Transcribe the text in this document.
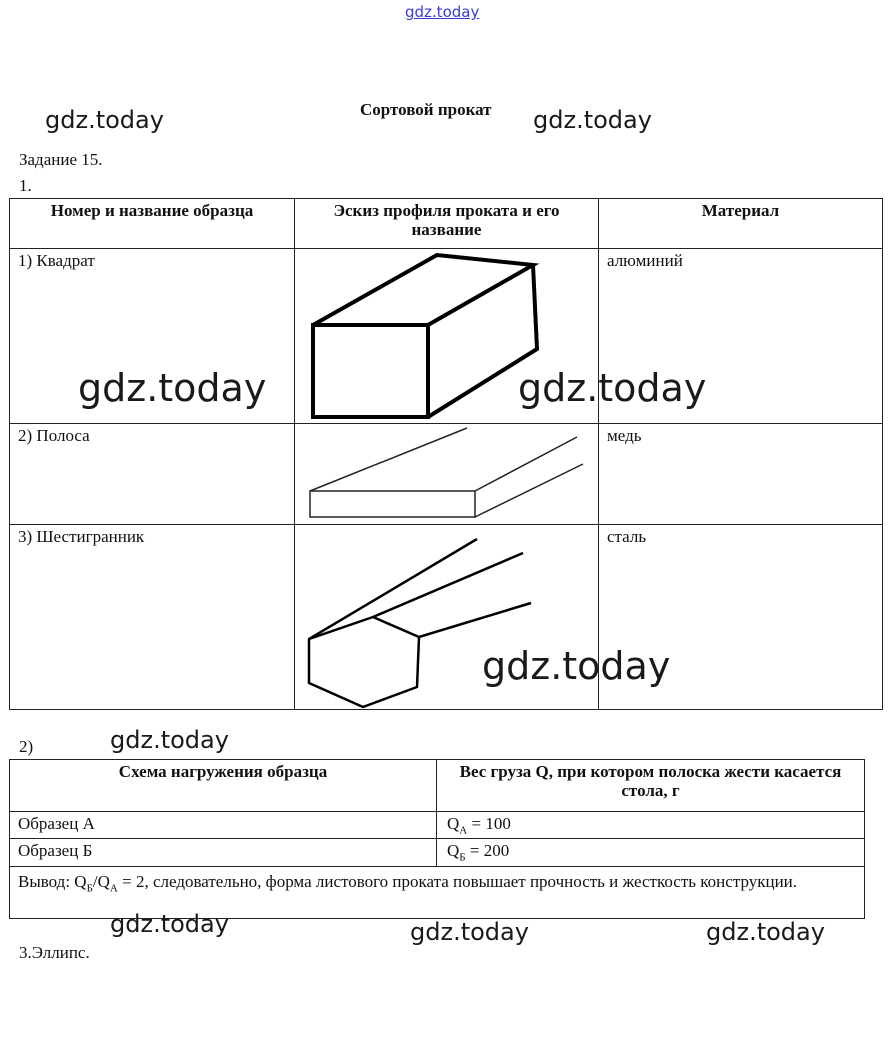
gdz.today
Сортовой прокат
Задание 15.
1.
Номер и название образца	Эскиз профиля проката и его название	Материал
1) Квадрат		алюминий
2) Полоса		медь
3) Шестигранник		сталь
2)
Схема нагружения образца	Вес груза Q, при котором полоска жести касается стола, г
Образец А	$Q_А = 100$
Образец Б	$Q_Б = 200$
Вывод: $Q_Б/Q_А = 2$, следовательно, форма листового проката повышает прочность и жесткость конструкции.	
3.Эллипс.
gdz.today	gdz.today
gdz.today	gdz.today
gdz.today
gdz.today
gdz.today	gdz.today	gdz.today
